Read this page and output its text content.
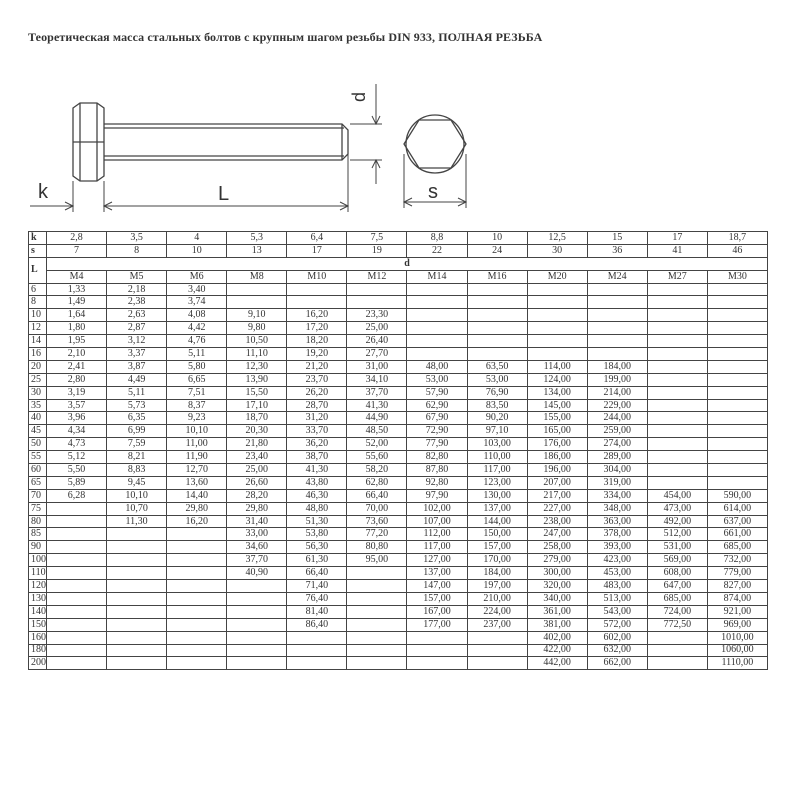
Теоретическая масса стальных болтов с крупным шагом резьбы DIN 933, ПОЛНАЯ РЕЗЬБА
d
k	L	s
k	2,8	3,5	4	5,3	6,4	7,5	8,8	10	12,5	15	17	18,7
s	7	8	10	13	17	19	22	24	30	36	41	46
L	d											
	M4	M5	M6	M8	M10	M12	M14	M16	M20	M24	M27	M30
6	1,33	2,18	3,40									
8	1,49	2,38	3,74									
10	1,64	2,63	4,08	9,10	16,20	23,30						
12	1,80	2,87	4,42	9,80	17,20	25,00						
14	1,95	3,12	4,76	10,50	18,20	26,40						
16	2,10	3,37	5,11	11,10	19,20	27,70						
20	2,41	3,87	5,80	12,30	21,20	31,00	48,00	63,50	114,00	184,00		
25	2,80	4,49	6,65	13,90	23,70	34,10	53,00	53,00	124,00	199,00		
30	3,19	5,11	7,51	15,50	26,20	37,70	57,90	76,90	134,00	214,00		
35	3,57	5,73	8,37	17,10	28,70	41,30	62,90	83,50	145,00	229,00		
40	3,96	6,35	9,23	18,70	31,20	44,90	67,90	90,20	155,00	244,00		
45	4,34	6,99	10,10	20,30	33,70	48,50	72,90	97,10	165,00	259,00		
50	4,73	7,59	11,00	21,80	36,20	52,00	77,90	103,00	176,00	274,00		
55	5,12	8,21	11,90	23,40	38,70	55,60	82,80	110,00	186,00	289,00		
60	5,50	8,83	12,70	25,00	41,30	58,20	87,80	117,00	196,00	304,00		
65	5,89	9,45	13,60	26,60	43,80	62,80	92,80	123,00	207,00	319,00		
70	6,28	10,10	14,40	28,20	46,30	66,40	97,90	130,00	217,00	334,00	454,00	590,00
75		10,70	29,80	29,80	48,80	70,00	102,00	137,00	227,00	348,00	473,00	614,00
80		11,30	16,20	31,40	51,30	73,60	107,00	144,00	238,00	363,00	492,00	637,00
85				33,00	53,80	77,20	112,00	150,00	247,00	378,00	512,00	661,00
90				34,60	56,30	80,80	117,00	157,00	258,00	393,00	531,00	685,00
100				37,70	61,30	95,00	127,00	170,00	279,00	423,00	569,00	732,00
110				40,90	66,40		137,00	184,00	300,00	453,00	608,00	779,00
120					71,40		147,00	197,00	320,00	483,00	647,00	827,00
130					76,40		157,00	210,00	340,00	513,00	685,00	874,00
140					81,40		167,00	224,00	361,00	543,00	724,00	921,00
150					86,40		177,00	237,00	381,00	572,00	772,50	969,00
160									402,00	602,00		1010,00
180									422,00	632,00		1060,00
200									442,00	662,00		1110,00
